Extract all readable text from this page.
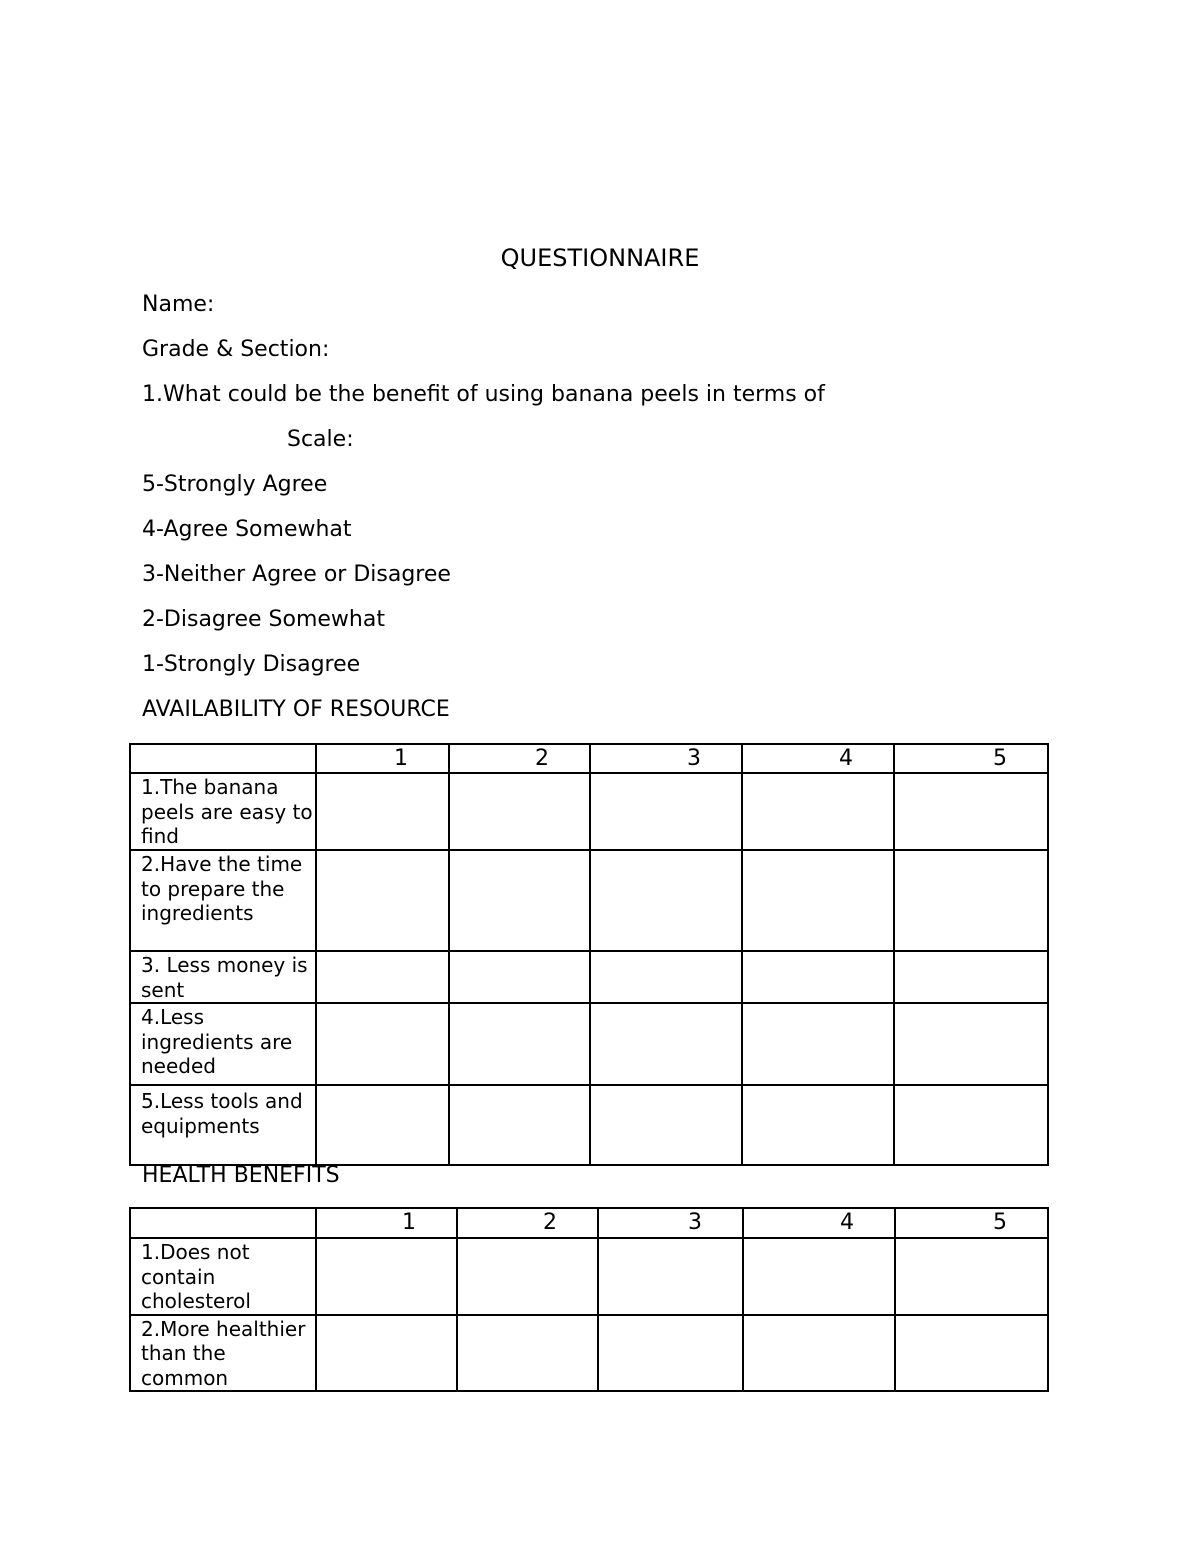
QUESTIONNAIRE
Name:
Grade & Section:
1.What could be the benefit of using banana peels in terms of
Scale:
5-Strongly Agree
4-Agree Somewhat
3-Neither Agree or Disagree
2-Disagree Somewhat
1-Strongly Disagree
AVAILABILITY OF RESOURCE
	1	2	3	4	5
1.The banana peels are easy to find					
2.Have the time to prepare the ingredients					
3. Less money is sent					
4.Less ingredients are needed					
5.Less tools and equipments					
HEALTH BENEFITS
	1	2	3	4	5
1.Does not contain cholesterol					
2.More healthier than the common					
